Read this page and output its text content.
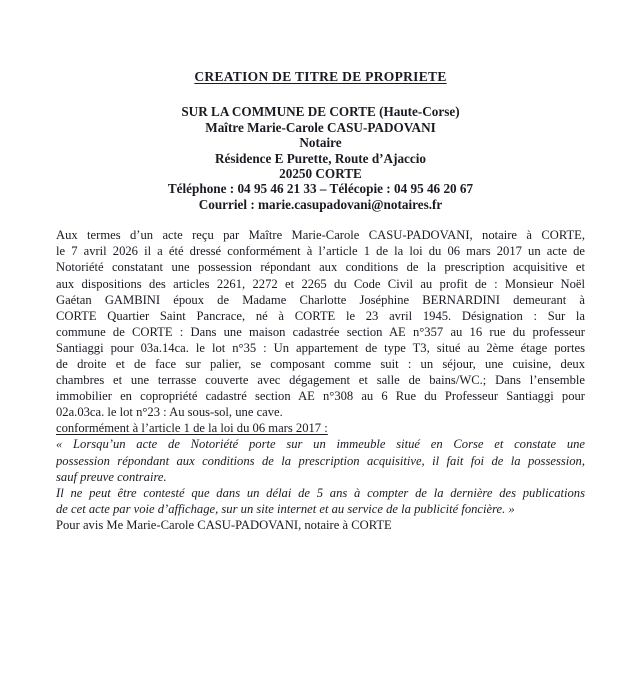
CREATION DE TITRE DE PROPRIETE
SUR LA COMMUNE DE CORTE (Haute-Corse)
Maître Marie-Carole CASU-PADOVANI
Notaire
Résidence E Purette, Route d’Ajaccio
20250 CORTE
Téléphone : 04 95 46 21 33 – Télécopie : 04 95 46 20 67
Courriel : marie.casupadovani@notaires.fr
Aux termes d’un acte reçu par Maître Marie-Carole CASU-PADOVANI, notaire à CORTE,
le 7 avril 2026 il a été dressé conformément à l’article 1 de la loi du 06 mars 2017 un acte de
Notoriété constatant une possession répondant aux conditions de la prescription acquisitive et
aux dispositions des articles 2261, 2272 et 2265 du Code Civil au profit de : Monsieur Noël
Gaétan GAMBINI époux de Madame Charlotte Joséphine BERNARDINI demeurant à
CORTE Quartier Saint Pancrace, né à CORTE le 23 avril 1945. Désignation : Sur la
commune de CORTE : Dans une maison cadastrée section AE n°357 au 16 rue du professeur
Santiaggi pour 03a.14ca. le lot n°35 : Un appartement de type T3, situé au 2ème étage portes
de droite et de face sur palier, se composant comme suit : un séjour, une cuisine, deux
chambres et une terrasse couverte avec dégagement et salle de bains/WC.; Dans l’ensemble
immobilier en copropriété cadastré section AE n°308 au 6 Rue du Professeur Santiaggi pour
02a.03ca. le lot n°23 : Au sous-sol, une cave.
conformément à l’article 1 de la loi du 06 mars 2017 :
« Lorsqu’un acte de Notoriété porte sur un immeuble situé en Corse et constate une
possession répondant aux conditions de la prescription acquisitive, il fait foi de la possession,
sauf preuve contraire.
Il ne peut être contesté que dans un délai de 5 ans à compter de la dernière des publications
de cet acte par voie d’affichage, sur un site internet et au service de la publicité foncière. »
Pour avis Me Marie-Carole CASU-PADOVANI, notaire à CORTE
